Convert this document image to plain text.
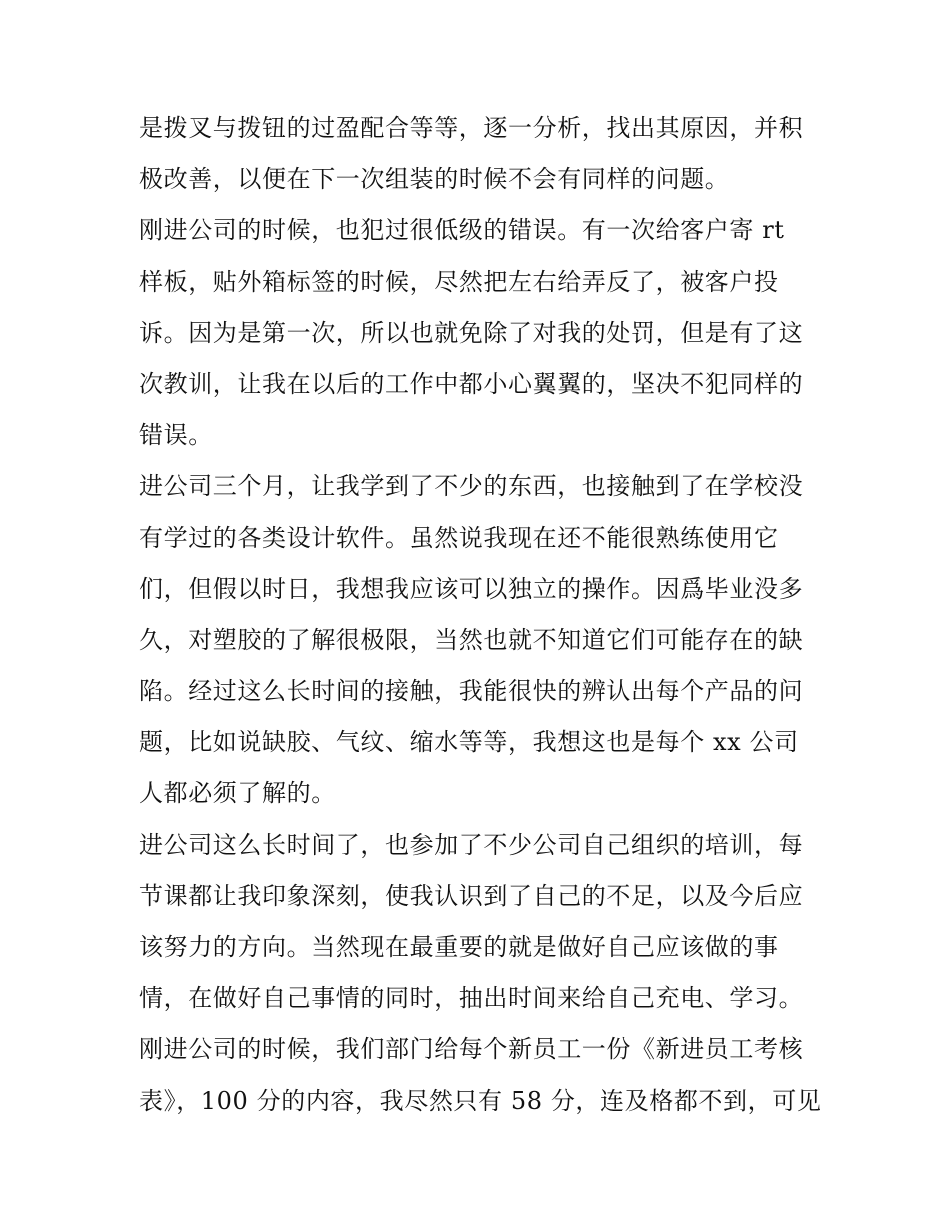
是拨叉与拨钮的过盈配合等等，逐一分析，找出其原因，并积
极改善，以便在下一次组装的时候不会有同样的问题。
刚进公司的时候，也犯过很低级的错误。有一次给客户寄 rt
样板，贴外箱标签的时候，尽然把左右给弄反了，被客户投
诉。因为是第一次，所以也就免除了对我的处罚，但是有了这
次教训，让我在以后的工作中都小心翼翼的，坚决不犯同样的
错误。
进公司三个月，让我学到了不少的东西，也接触到了在学校没
有学过的各类设计软件。虽然说我现在还不能很熟练使用它
们，但假以时日，我想我应该可以独立的操作。因爲毕业没多
久，对塑胶的了解很极限，当然也就不知道它们可能存在的缺
陷。经过这么长时间的接触，我能很快的辨认出每个产品的问
题，比如说缺胶、气纹、缩水等等，我想这也是每个 xx 公司
人都必须了解的。
进公司这么长时间了，也参加了不少公司自己组织的培训，每
节课都让我印象深刻，使我认识到了自己的不足，以及今后应
该努力的方向。当然现在最重要的就是做好自己应该做的事
情，在做好自己事情的同时，抽出时间来给自己充电、学习。
刚进公司的时候，我们部门给每个新员工一份《新进员工考核
表》，100 分的内容，我尽然只有 58 分，连及格都不到，可见
